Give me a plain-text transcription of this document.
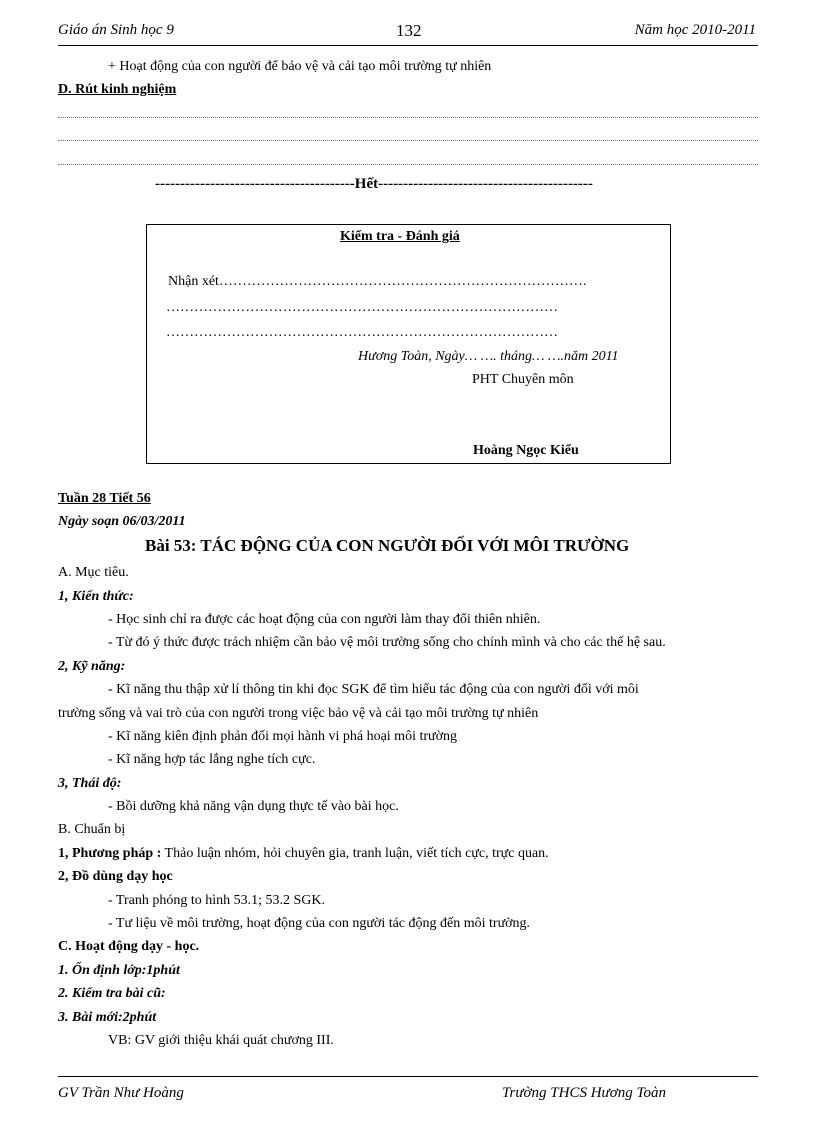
Giáo án Sinh học 9	132	Năm học 2010-2011
+ Hoạt động của con người để bảo vệ và cải tạo môi trường tự nhiên
D. Rút kinh nghiệm
----------------------------------------Hết-------------------------------------------
Kiểm tra - Đánh giá
Nhận xét…………………………………………………………………….
…………………………………………………………………………
…………………………………………………………………………
Hương Toàn, Ngày… …. tháng… ….năm 2011
PHT Chuyên môn
Hoàng Ngọc Kiểu
Tuần 28 Tiết 56
Ngày soạn 06/03/2011
Bài 53: TÁC ĐỘNG CỦA CON NGƯỜI ĐỐI VỚI MÔI TRƯỜNG
A. Mục tiêu.
1, Kiến thức:
- Học sinh chỉ ra được các hoạt động của con người làm thay đổi thiên nhiên.
- Từ đó ý thức được trách nhiệm cần bảo vệ môi trường sống cho chính mình và cho các thế hệ sau.
2, Kỹ năng:
- Kĩ năng thu thập xử lí thông tin khi đọc SGK để tìm hiểu tác động của con người đối với môi
trường sống và vai trò của con người trong việc bảo vệ và cải tạo môi trường tự nhiên
- Kĩ năng kiên định phản đối mọi hành vi phá hoại môi trường
- Kĩ năng hợp tác lắng nghe tích cực.
3, Thái độ:
- Bồi dưỡng khả năng vận dụng thực tế vào bài học.
B. Chuẩn bị
1, Phương pháp : Thảo luận nhóm, hỏi chuyên gia, tranh luận, viết tích cực, trực quan.
2, Đồ dùng dạy học
- Tranh phóng to hình 53.1; 53.2 SGK.
- Tư liệu về môi trường, hoạt động của con người tác động đến môi trường.
C. Hoạt động dạy - học.
1. Ổn định lớp:1phút
2. Kiểm tra bài cũ:
3. Bài mới:2phút
VB: GV giới thiệu khái quát chương III.
GV Trần Như Hoàng	Trường THCS Hương Toàn
